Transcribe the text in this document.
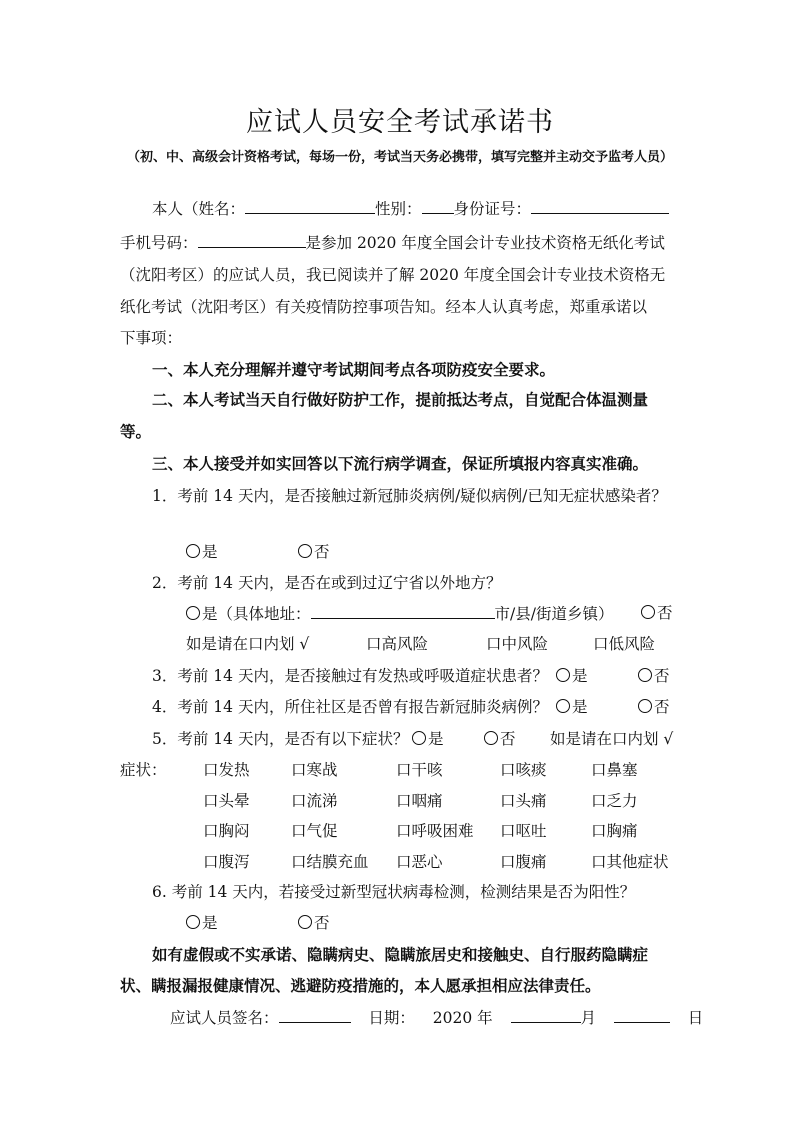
应试人员安全考试承诺书
（初、中、高级会计资格考试，每场一份，考试当天务必携带，填写完整并主动交予监考人员）
本人（姓名：	性别： 身份证号：
手机号码：	是参加 2020 年度全国会计专业技术资格无纸化考试
（沈阳考区）的应试人员，我已阅读并了解 2020 年度全国会计专业技术资格无
纸化考试（沈阳考区）有关疫情防控事项告知。经本人认真考虑，郑重承诺以
下事项：
一、本人充分理解并遵守考试期间考点各项防疫安全要求。
二、本人考试当天自行做好防护工作，提前抵达考点，自觉配合体温测量
等。
三、本人接受并如实回答以下流行病学调查，保证所填报内容真实准确。
1．考前 14 天内，是否接触过新冠肺炎病例/疑似病例/已知无症状感染者？
是	否
2．考前 14 天内，是否在或到过辽宁省以外地方？
是（具体地址：	市/县/街道乡镇）	否
如是请在口内划 √	口高风险	口中风险	口低风险
3．考前 14 天内，是否接触过有发热或呼吸道症状患者？	是	否
4．考前 14 天内，所住社区是否曾有报告新冠肺炎病例？	是	否
5．考前 14 天内，是否有以下症状？	是	否 如是请在口内划 √
症状： 口发热	口寒战	口干咳	口咳痰	口鼻塞
口头晕	口流涕	口咽痛	口头痛	口乏力
口胸闷	口气促	口呼吸困难 口呕吐	口胸痛
口腹泻	口结膜充血 口恶心	口腹痛	口其他症状
6. 考前 14 天内，若接受过新型冠状病毒检测，检测结果是否为阳性？
是	否
如有虚假或不实承诺、隐瞒病史、隐瞒旅居史和接触史、自行服药隐瞒症
状、瞒报漏报健康情况、逃避防疫措施的，本人愿承担相应法律责任。
应试人员签名：	日期： 2020 年	月	日
